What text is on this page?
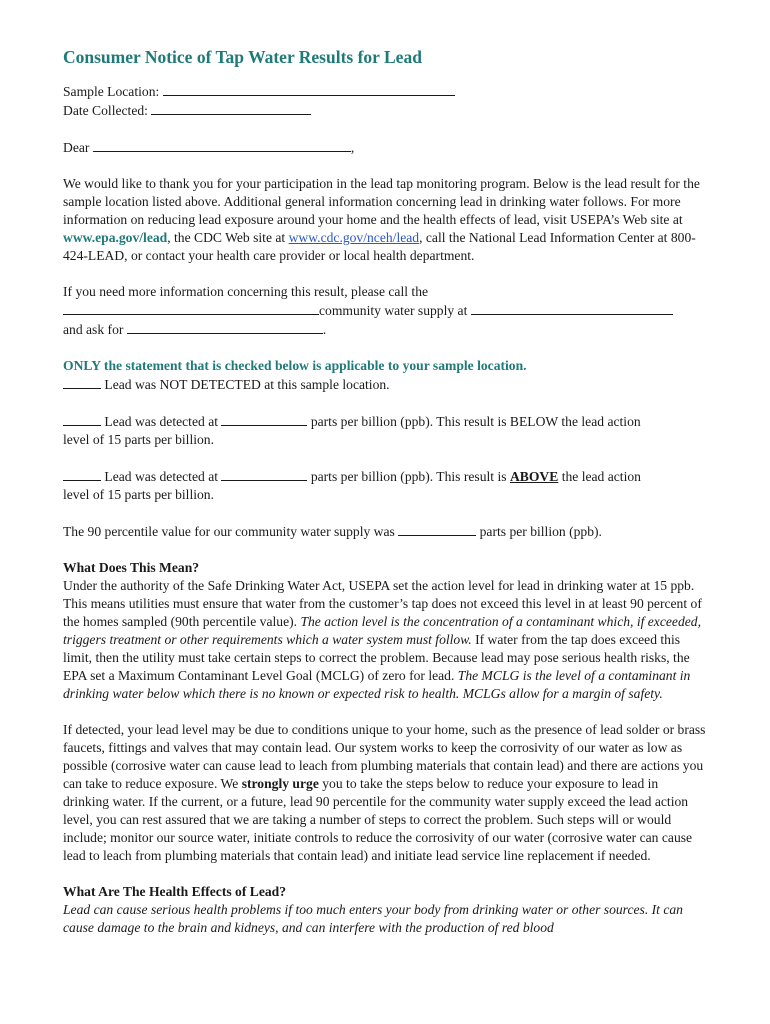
Consumer Notice of Tap Water Results for Lead
Sample Location:
Date Collected:
Dear	,

We would like to thank you for your participation in the lead tap monitoring program. Below is the lead result for the sample location listed above. Additional general information concerning lead in drinking water follows. For more information on reducing lead exposure around your home and the health effects of lead, visit USEPA’s Web site at www.epa.gov/lead, the CDC Web site at www.cdc.gov/nceh/lead, call the National Lead Information Center at 800-424-LEAD, or contact your health care provider or local health department.

If you need more information concerning this result, please call the
community water supply at
and ask for	.
ONLY the statement that is checked below is applicable to your sample location.
Lead was NOT DETECTED at this sample location.
Lead was detected at	parts per billion (ppb). This result is BELOW the lead action
level of 15 parts per billion.
Lead was detected at	parts per billion (ppb). This result is ABOVE the lead action
level of 15 parts per billion.
The 90 percentile value for our community water supply was	parts per billion (ppb).
What Does This Mean?

Under the authority of the Safe Drinking Water Act, USEPA set the action level for lead in drinking water at 15 ppb. This means utilities must ensure that water from the customer’s tap does not exceed this level in at least 90 percent of the homes sampled (90th percentile value). The action level is the concentration of a contaminant which, if exceeded, triggers treatment or other requirements which a water system must follow. If water from the tap does exceed this limit, then the utility must take certain steps to correct the problem. Because lead may pose serious health risks, the EPA set a Maximum Contaminant Level Goal (MCLG) of zero for lead. The MCLG is the level of a contaminant in drinking water below which there is no known or expected risk to health. MCLGs allow for a margin of safety.

If detected, your lead level may be due to conditions unique to your home, such as the presence of lead solder or brass faucets, fittings and valves that may contain lead. Our system works to keep the corrosivity of our water as low as possible (corrosive water can cause lead to leach from plumbing materials that contain lead) and there are actions you can take to reduce exposure. We strongly urge you to take the steps below to reduce your exposure to lead in drinking water. If the current, or a future, lead 90 percentile for the community water supply exceed the lead action level, you can rest assured that we are taking a number of steps to correct the problem. Such steps will or would include; monitor our source water, initiate controls to reduce the corrosivity of our water (corrosive water can cause lead to leach from plumbing materials that contain lead) and initiate lead service line replacement if needed.

What Are The Health Effects of Lead?

Lead can cause serious health problems if too much enters your body from drinking water or other sources. It can cause damage to the brain and kidneys, and can interfere with the production of red blood
